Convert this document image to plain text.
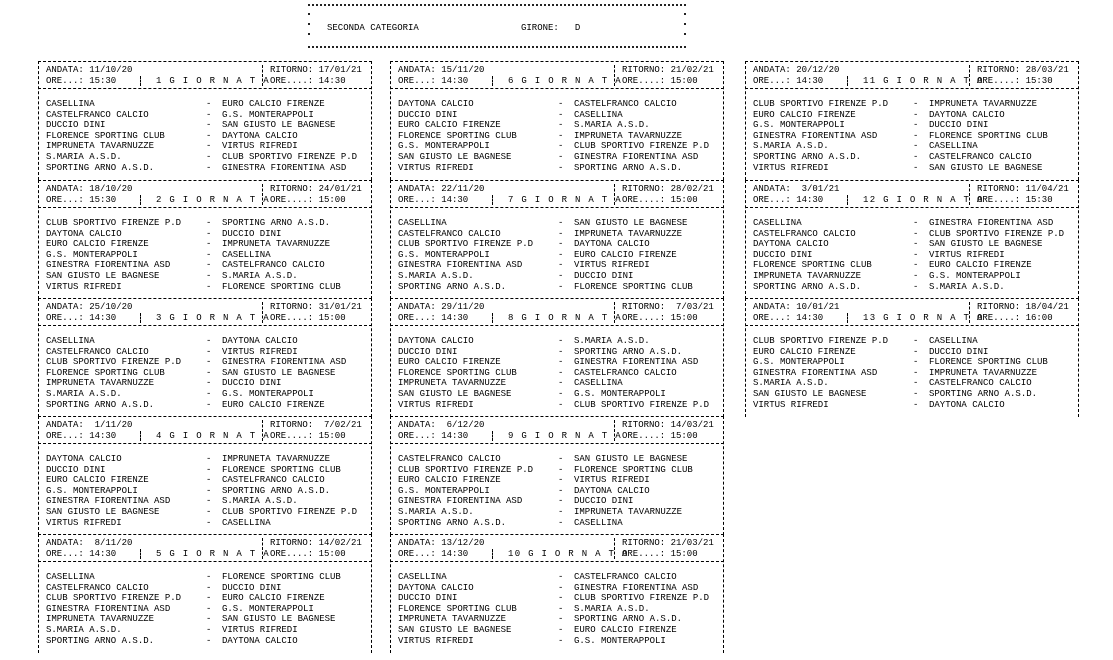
SECONDA CATEGORIA	GIRONE: D
ANDATA: 11/10/20
ORE...: 15:30
RITORNO: 17/01/21
ORE....: 14:30
1 G I O R N A T A
CASELLINA	- EURO CALCIO FIRENZE
CASTELFRANCO CALCIO	- G.S. MONTERAPPOLI
DUCCIO DINI	- SAN GIUSTO LE BAGNESE
FLORENCE SPORTING CLUB	- DAYTONA CALCIO
IMPRUNETA TAVARNUZZE	- VIRTUS RIFREDI
S.MARIA A.S.D.	- CLUB SPORTIVO FIRENZE P.D
SPORTING ARNO A.S.D.	- GINESTRA FIORENTINA ASD
ANDATA: 18/10/20
ORE...: 15:30
RITORNO: 24/01/21
ORE....: 15:00
2 G I O R N A T A
CLUB SPORTIVO FIRENZE P.D	- SPORTING ARNO A.S.D.
DAYTONA CALCIO	- DUCCIO DINI
EURO CALCIO FIRENZE	- IMPRUNETA TAVARNUZZE
G.S. MONTERAPPOLI	- CASELLINA
GINESTRA FIORENTINA ASD	- CASTELFRANCO CALCIO
SAN GIUSTO LE BAGNESE	- S.MARIA A.S.D.
VIRTUS RIFREDI	- FLORENCE SPORTING CLUB
ANDATA: 25/10/20
ORE...: 14:30
RITORNO: 31/01/21
ORE....: 15:00
3 G I O R N A T A
CASELLINA	- DAYTONA CALCIO
CASTELFRANCO CALCIO	- VIRTUS RIFREDI
CLUB SPORTIVO FIRENZE P.D	- GINESTRA FIORENTINA ASD
FLORENCE SPORTING CLUB	- SAN GIUSTO LE BAGNESE
IMPRUNETA TAVARNUZZE	- DUCCIO DINI
S.MARIA A.S.D.	- G.S. MONTERAPPOLI
SPORTING ARNO A.S.D.	- EURO CALCIO FIRENZE
ANDATA:  1/11/20
ORE...: 14:30
RITORNO:  7/02/21
ORE....: 15:00
4 G I O R N A T A
DAYTONA CALCIO	- IMPRUNETA TAVARNUZZE
DUCCIO DINI	- FLORENCE SPORTING CLUB
EURO CALCIO FIRENZE	- CASTELFRANCO CALCIO
G.S. MONTERAPPOLI	- SPORTING ARNO A.S.D.
GINESTRA FIORENTINA ASD	- S.MARIA A.S.D.
SAN GIUSTO LE BAGNESE	- CLUB SPORTIVO FIRENZE P.D
VIRTUS RIFREDI	- CASELLINA
ANDATA:  8/11/20
ORE...: 14:30
RITORNO: 14/02/21
ORE....: 15:00
5 G I O R N A T A
CASELLINA	- FLORENCE SPORTING CLUB
CASTELFRANCO CALCIO	- DUCCIO DINI
CLUB SPORTIVO FIRENZE P.D	- EURO CALCIO FIRENZE
GINESTRA FIORENTINA ASD	- G.S. MONTERAPPOLI
IMPRUNETA TAVARNUZZE	- SAN GIUSTO LE BAGNESE
S.MARIA A.S.D.	- VIRTUS RIFREDI
SPORTING ARNO A.S.D.	- DAYTONA CALCIO
ANDATA: 15/11/20
ORE...: 14:30
RITORNO: 21/02/21
ORE....: 15:00
6 G I O R N A T A
DAYTONA CALCIO	- CASTELFRANCO CALCIO
DUCCIO DINI	- CASELLINA
EURO CALCIO FIRENZE	- S.MARIA A.S.D.
FLORENCE SPORTING CLUB	- IMPRUNETA TAVARNUZZE
G.S. MONTERAPPOLI	- CLUB SPORTIVO FIRENZE P.D
SAN GIUSTO LE BAGNESE	- GINESTRA FIORENTINA ASD
VIRTUS RIFREDI	- SPORTING ARNO A.S.D.
ANDATA: 22/11/20
ORE...: 14:30
RITORNO: 28/02/21
ORE....: 15:00
7 G I O R N A T A
CASELLINA	- SAN GIUSTO LE BAGNESE
CASTELFRANCO CALCIO	- IMPRUNETA TAVARNUZZE
CLUB SPORTIVO FIRENZE P.D	- DAYTONA CALCIO
G.S. MONTERAPPOLI	- EURO CALCIO FIRENZE
GINESTRA FIORENTINA ASD	- VIRTUS RIFREDI
S.MARIA A.S.D.	- DUCCIO DINI
SPORTING ARNO A.S.D.	- FLORENCE SPORTING CLUB
ANDATA: 29/11/20
ORE...: 14:30
RITORNO:  7/03/21
ORE....: 15:00
8 G I O R N A T A
DAYTONA CALCIO	- S.MARIA A.S.D.
DUCCIO DINI	- SPORTING ARNO A.S.D.
EURO CALCIO FIRENZE	- GINESTRA FIORENTINA ASD
FLORENCE SPORTING CLUB	- CASTELFRANCO CALCIO
IMPRUNETA TAVARNUZZE	- CASELLINA
SAN GIUSTO LE BAGNESE	- G.S. MONTERAPPOLI
VIRTUS RIFREDI	- CLUB SPORTIVO FIRENZE P.D
ANDATA:  6/12/20
ORE...: 14:30
RITORNO: 14/03/21
ORE....: 15:00
9 G I O R N A T A
CASTELFRANCO CALCIO	- SAN GIUSTO LE BAGNESE
CLUB SPORTIVO FIRENZE P.D	- FLORENCE SPORTING CLUB
EURO CALCIO FIRENZE	- VIRTUS RIFREDI
G.S. MONTERAPPOLI	- DAYTONA CALCIO
GINESTRA FIORENTINA ASD	- DUCCIO DINI
S.MARIA A.S.D.	- IMPRUNETA TAVARNUZZE
SPORTING ARNO A.S.D.	- CASELLINA
ANDATA: 13/12/20
ORE...: 14:30
RITORNO: 21/03/21
ORE....: 15:00
10 G I O R N A T A
CASELLINA	- CASTELFRANCO CALCIO
DAYTONA CALCIO	- GINESTRA FIORENTINA ASD
DUCCIO DINI	- CLUB SPORTIVO FIRENZE P.D
FLORENCE SPORTING CLUB	- S.MARIA A.S.D.
IMPRUNETA TAVARNUZZE	- SPORTING ARNO A.S.D.
SAN GIUSTO LE BAGNESE	- EURO CALCIO FIRENZE
VIRTUS RIFREDI	- G.S. MONTERAPPOLI
ANDATA: 20/12/20
ORE...: 14:30
RITORNO: 28/03/21
ORE....: 15:30
11 G I O R N A T A
CLUB SPORTIVO FIRENZE P.D	- IMPRUNETA TAVARNUZZE
EURO CALCIO FIRENZE	- DAYTONA CALCIO
G.S. MONTERAPPOLI	- DUCCIO DINI
GINESTRA FIORENTINA ASD	- FLORENCE SPORTING CLUB
S.MARIA A.S.D.	- CASELLINA
SPORTING ARNO A.S.D.	- CASTELFRANCO CALCIO
VIRTUS RIFREDI	- SAN GIUSTO LE BAGNESE
ANDATA:  3/01/21
ORE...: 14:30
RITORNO: 11/04/21
ORE....: 15:30
12 G I O R N A T A
CASELLINA	- GINESTRA FIORENTINA ASD
CASTELFRANCO CALCIO	- CLUB SPORTIVO FIRENZE P.D
DAYTONA CALCIO	- SAN GIUSTO LE BAGNESE
DUCCIO DINI	- VIRTUS RIFREDI
FLORENCE SPORTING CLUB	- EURO CALCIO FIRENZE
IMPRUNETA TAVARNUZZE	- G.S. MONTERAPPOLI
SPORTING ARNO A.S.D.	- S.MARIA A.S.D.
ANDATA: 10/01/21
ORE...: 14:30
RITORNO: 18/04/21
ORE....: 16:00
13 G I O R N A T A
CLUB SPORTIVO FIRENZE P.D	- CASELLINA
EURO CALCIO FIRENZE	- DUCCIO DINI
G.S. MONTERAPPOLI	- FLORENCE SPORTING CLUB
GINESTRA FIORENTINA ASD	- IMPRUNETA TAVARNUZZE
S.MARIA A.S.D.	- CASTELFRANCO CALCIO
SAN GIUSTO LE BAGNESE	- SPORTING ARNO A.S.D.
VIRTUS RIFREDI	- DAYTONA CALCIO
